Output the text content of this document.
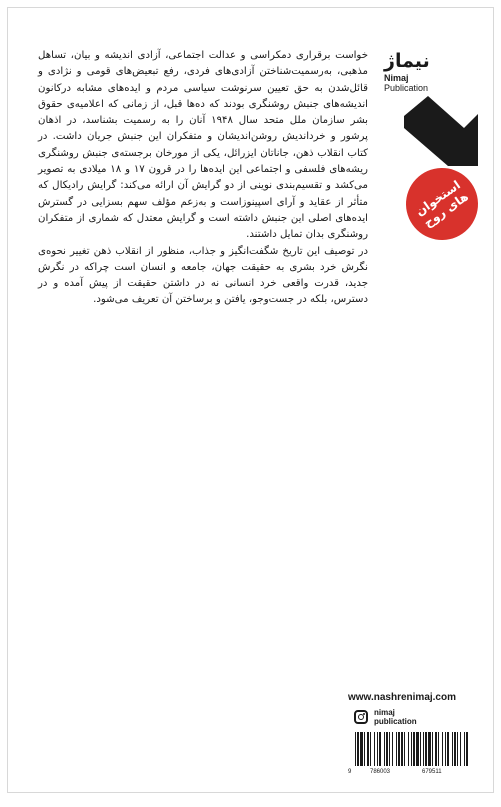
خواست برقراری دمکراسی و عدالت اجتماعی، آزادی اندیشه و بیان، تساهل مذهبی، به‌رسمیت‌شناختن آزادی‌های فردی، رفع تبعیض‌های قومی و نژادی و قائل‌شدن به حق تعیین سرنوشت سیاسی مردم و ایده‌های مشابه درکانون اندیشه‌های جنبش روشنگری بودند که ده‌ها قبل، از زمانی که اعلامیه‌ی حقوق بشر سازمان ملل متحد سال ۱۹۴۸ آنان را به رسمیت بشناسد، در اذهان پرشور و خرداندیش روشن‌اندیشان و متفکران این جنبش جریان داشت. در کتاب انقلاب ذهن، جاناتان ایزرائل، یکی از مورخان برجسته‌ی جنبش روشنگری ریشه‌های فلسفی و اجتماعی این ایده‌ها را در قرون ۱۷ و ۱۸ میلادی به تصویر می‌کشد و تقسیم‌بندی نوینی از دو گرایش آن ارائه می‌کند: گرایش رادیکال که متأثر از عقاید و آرای اسپینوزاست و به‌زعم مؤلف سهم بسزایی در گسترش ایده‌های اصلی این جنبش داشته است و گرایش معتدل که شماری از متفکران روشنگری بدان تمایل داشتند.

در توصیف این تاریخ شگفت‌انگیز و جذاب، منظور از انقلاب ذهن تغییر نحوه‌ی نگرش خرد بشری به حقیقت جهان، جامعه و انسان است چراکه در نگرش جدید، قدرت واقعی خرد انسانی نه در داشتن حقیقت از پیش آمده و در دسترس، بلکه در جست‌وجو، یافتن و برساختن آن تعریف می‌شود.

نیماژ
Nimaj
Publication
استخوان های روح
www.nashrenimaj.com
nimaj
publication
9	786003	679511
